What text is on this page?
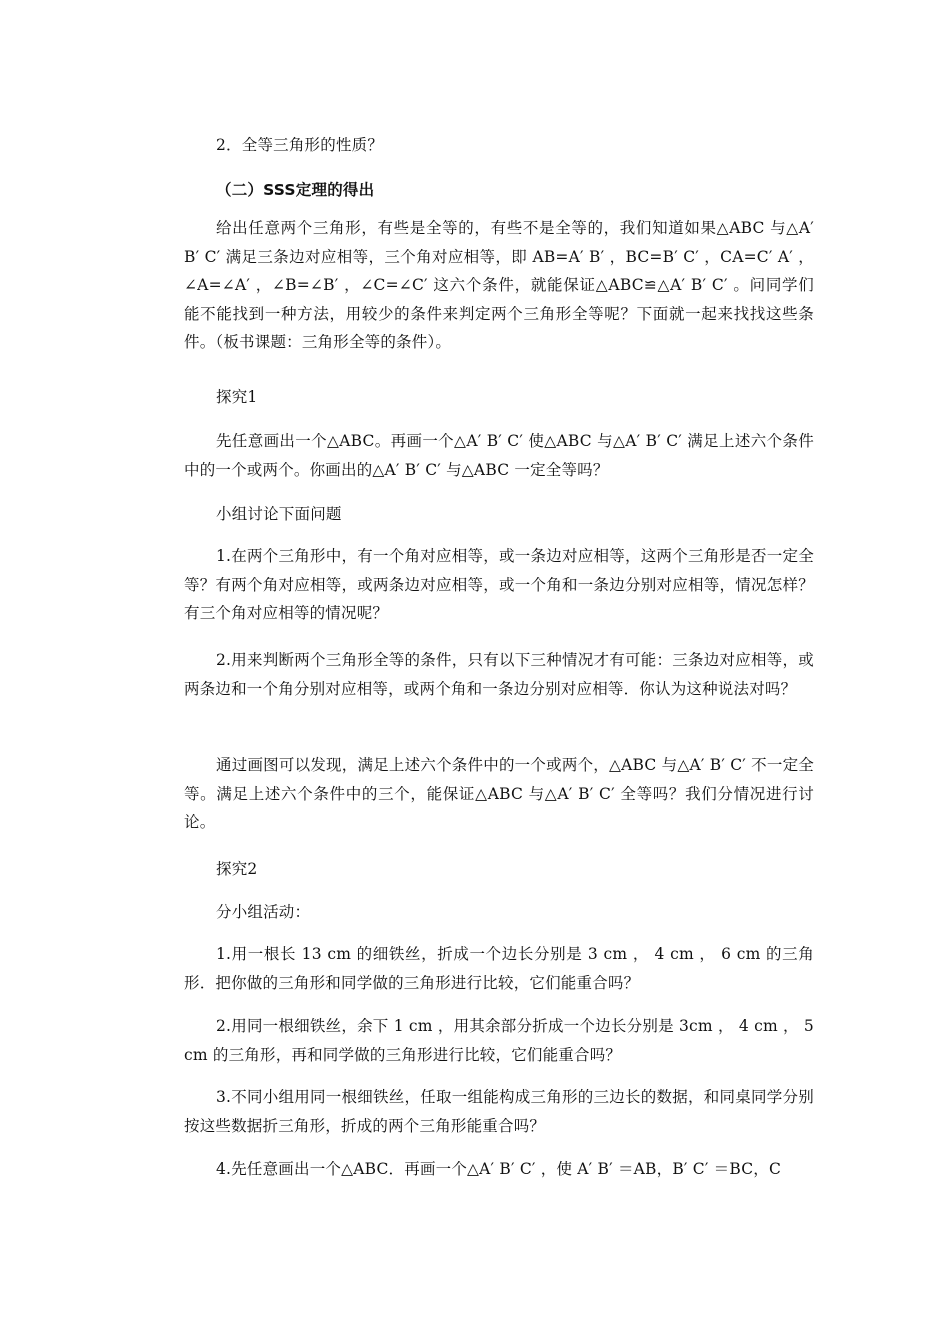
2．全等三角形的性质？

（二）SSS定理的得出

给出任意两个三角形，有些是全等的，有些不是全等的，我们知道如果△ABC 与△A′ B′ C′ 满足三条边对应相等，三个角对应相等，即 AB=A′ B′ ，BC=B′ C′ ，CA=C′ A′ ，∠A=∠A′ ，∠B=∠B′ ，∠C=∠C′ 这六个条件，就能保证△ABC≌△A′ B′ C′ 。问同学们能不能找到一种方法，用较少的条件来判定两个三角形全等呢？下面就一起来找找这些条件。（板书课题：三角形全等的条件）。

探究1

先任意画出一个△ABC。再画一个△A′ B′ C′ 使△ABC 与△A′ B′ C′ 满足上述六个条件中的一个或两个。你画出的△A′ B′ C′ 与△ABC 一定全等吗？

小组讨论下面问题

1.在两个三角形中，有一个角对应相等，或一条边对应相等，这两个三角形是否一定全等？有两个角对应相等，或两条边对应相等，或一个角和一条边分别对应相等，情况怎样？有三个角对应相等的情况呢？

2.用来判断两个三角形全等的条件，只有以下三种情况才有可能：三条边对应相等，或两条边和一个角分别对应相等，或两个角和一条边分别对应相等．你认为这种说法对吗？

通过画图可以发现，满足上述六个条件中的一个或两个，△ABC 与△A′ B′ C′ 不一定全等。满足上述六个条件中的三个，能保证△ABC 与△A′ B′ C′ 全等吗？我们分情况进行讨论。

探究2

分小组活动：

1.用一根长 13 cm 的细铁丝，折成一个边长分别是 3 cm ， 4 cm ， 6 cm 的三角形．把你做的三角形和同学做的三角形进行比较，它们能重合吗？

2.用同一根细铁丝，余下 1 cm ，用其余部分折成一个边长分别是 3cm ， 4 cm ， 5 cm 的三角形，再和同学做的三角形进行比较，它们能重合吗？

3.不同小组用同一根细铁丝，任取一组能构成三角形的三边长的数据，和同桌同学分别按这些数据折三角形，折成的两个三角形能重合吗？

4.先任意画出一个△ABC．再画一个△A′ B′ C′ ，使 A′ B′ ＝AB，B′ C′ ＝BC，C
